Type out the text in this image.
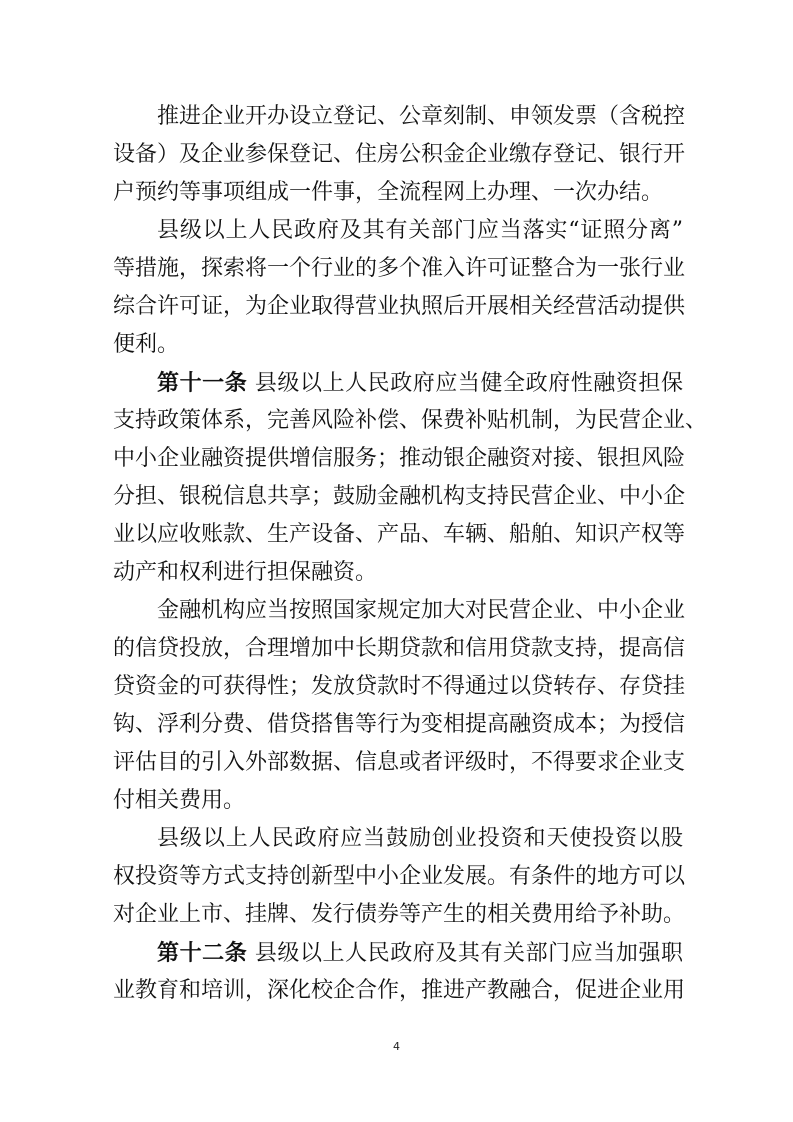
推进企业开办设立登记、公章刻制、申领发票（含税控
设备）及企业参保登记、住房公积金企业缴存登记、银行开
户预约等事项组成一件事，全流程网上办理、一次办结。
县级以上人民政府及其有关部门应当落实“证照分离”
等措施，探索将一个行业的多个准入许可证整合为一张行业
综合许可证，为企业取得营业执照后开展相关经营活动提供
便利。
第十一条 县级以上人民政府应当健全政府性融资担保
支持政策体系，完善风险补偿、保费补贴机制，为民营企业、
中小企业融资提供增信服务；推动银企融资对接、银担风险
分担、银税信息共享；鼓励金融机构支持民营企业、中小企
业以应收账款、生产设备、产品、车辆、船舶、知识产权等
动产和权利进行担保融资。
金融机构应当按照国家规定加大对民营企业、中小企业
的信贷投放，合理增加中长期贷款和信用贷款支持，提高信
贷资金的可获得性；发放贷款时不得通过以贷转存、存贷挂
钩、浮利分费、借贷搭售等行为变相提高融资成本；为授信
评估目的引入外部数据、信息或者评级时，不得要求企业支
付相关费用。
县级以上人民政府应当鼓励创业投资和天使投资以股
权投资等方式支持创新型中小企业发展。有条件的地方可以
对企业上市、挂牌、发行债券等产生的相关费用给予补助。
第十二条 县级以上人民政府及其有关部门应当加强职
业教育和培训，深化校企合作，推进产教融合，促进企业用
4
